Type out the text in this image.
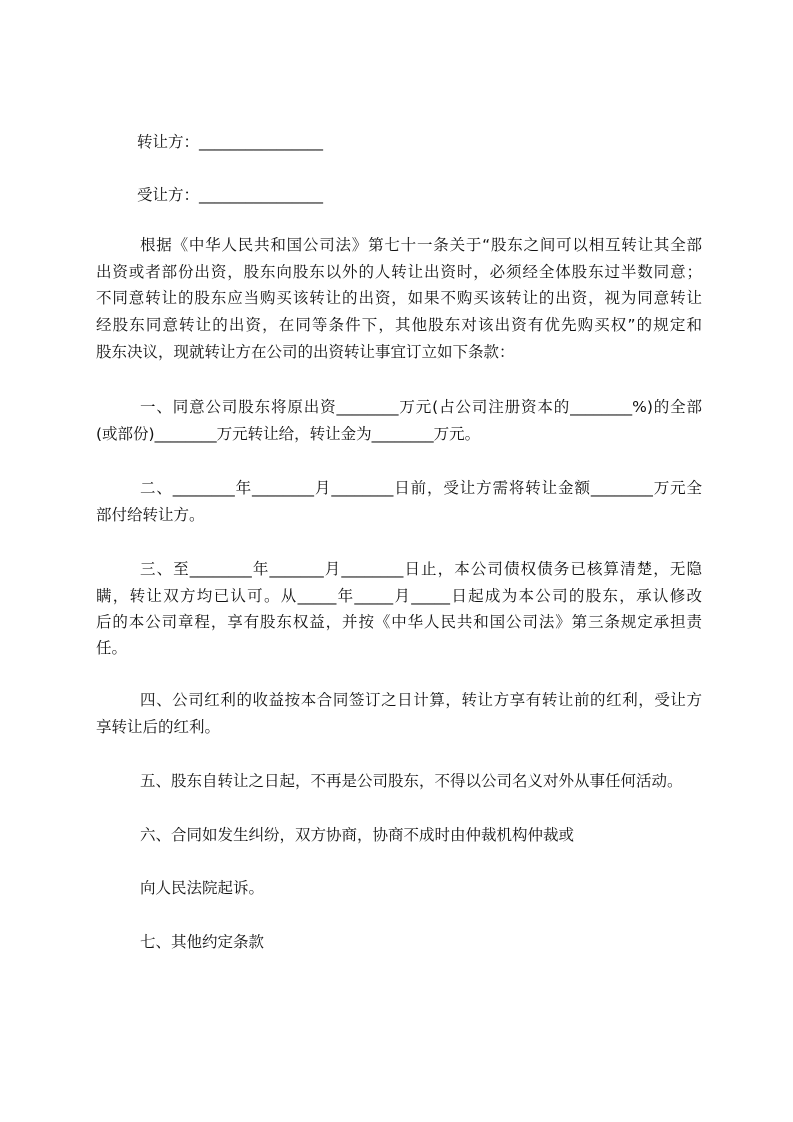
转让方：________________
受让方：________________
根据《中华人民共和国公司法》第七十一条关于“股东之间可以相互转让其全部
出资或者部份出资，股东向股东以外的人转让出资时，必须经全体股东过半数同意；
不同意转让的股东应当购买该转让的出资，如果不购买该转让的出资，视为同意转让
经股东同意转让的出资，在同等条件下，其他股东对该出资有优先购买权”的规定和
股东决议，现就转让方在公司的出资转让事宜订立如下条款：
一、同意公司股东将原出资________万元(占公司注册资本的________%)的全部
(或部份)________万元转让给，转让金为________万元。
二、________年________月________日前，受让方需将转让金额________万元全
部付给转让方。
三、至________年_______月________日止，本公司债权债务已核算清楚，无隐
瞒，转让双方均已认可。从_____年_____月_____日起成为本公司的股东，承认修改
后的本公司章程，享有股东权益，并按《中华人民共和国公司法》第三条规定承担责
任。
四、公司红利的收益按本合同签订之日计算，转让方享有转让前的红利，受让方
享转让后的红利。
五、股东自转让之日起，不再是公司股东，不得以公司名义对外从事任何活动。
六、合同如发生纠纷，双方协商，协商不成时由仲裁机构仲裁或
向人民法院起诉。
七、其他约定条款
